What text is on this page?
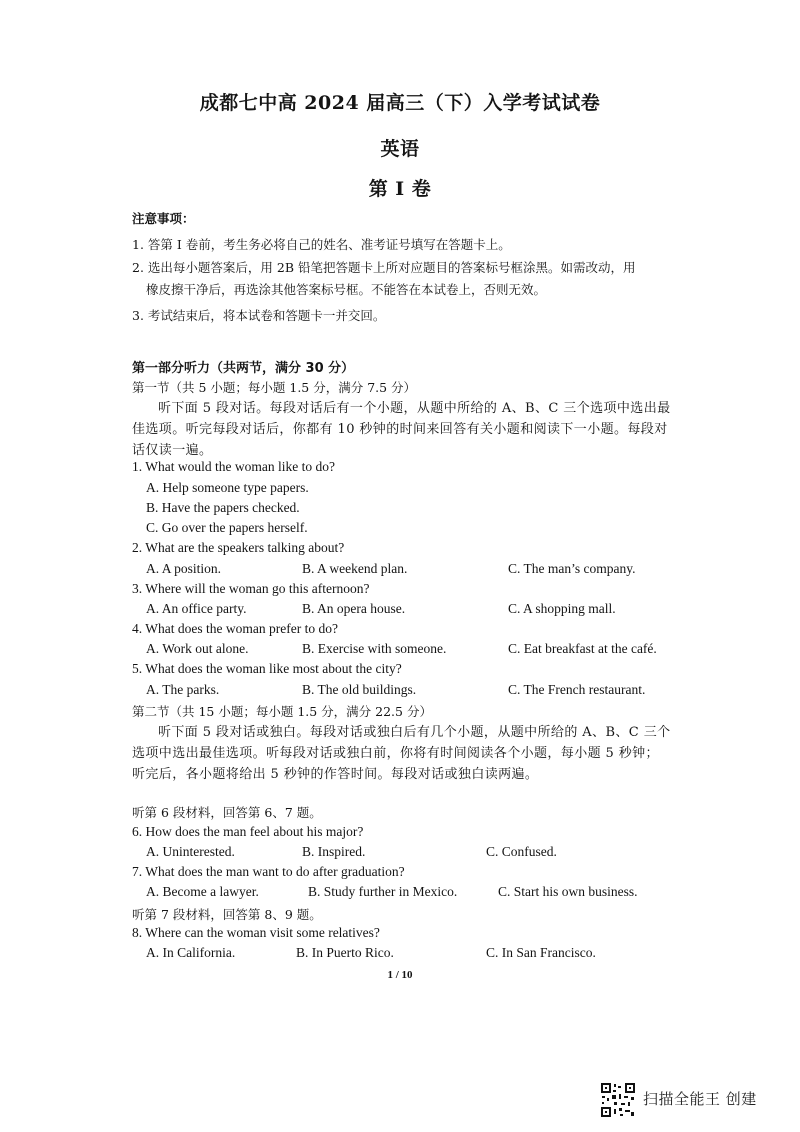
成都七中高 2024 届高三（下）入学考试试卷
英语
第 I 卷
注意事项：
1. 答第 I 卷前，考生务必将自己的姓名、准考证号填写在答题卡上。
2. 选出每小题答案后，用 2B 铅笔把答题卡上所对应题目的答案标号框涂黑。如需改动，用
橡皮擦干净后，再选涂其他答案标号框。不能答在本试卷上，否则无效。
3. 考试结束后，将本试卷和答题卡一并交回。
第一部分听力（共两节，满分 30 分）
第一节（共 5 小题；每小题 1.5 分，满分 7.5 分）
听下面 5 段对话。每段对话后有一个小题，从题中所给的 A、B、C 三个选项中选出最佳选项。听完每段对话后，你都有 10 秒钟的时间来回答有关小题和阅读下一小题。每段对话仅读一遍。
1. What would the woman like to do?
A. Help someone type papers.
B. Have the papers checked.
C. Go over the papers herself.
2. What are the speakers talking about?
A. A position.	B. A weekend plan.	C. The man’s company.
3. Where will the woman go this afternoon?
A. An office party.	B. An opera house.	C. A shopping mall.
4. What does the woman prefer to do?
A. Work out alone.	B. Exercise with someone.	C. Eat breakfast at the café.
5. What does the woman like most about the city?
A. The parks.	B. The old buildings.	C. The French restaurant.
第二节（共 15 小题；每小题 1.5 分，满分 22.5 分）
听下面 5 段对话或独白。每段对话或独白后有几个小题，从题中所给的 A、B、C 三个选项中选出最佳选项。听每段对话或独白前，你将有时间阅读各个小题，每小题 5 秒钟；听完后，各小题将给出 5 秒钟的作答时间。每段对话或独白读两遍。
听第 6 段材料，回答第 6、7 题。
6. How does the man feel about his major?
A. Uninterested.	B. Inspired.	C. Confused.
7. What does the man want to do after graduation?
A. Become a lawyer.	B. Study further in Mexico.	C. Start his own business.
听第 7 段材料，回答第 8、9 题。
8. Where can the woman visit some relatives?
A. In California.	B. In Puerto Rico.	C. In San Francisco.
1 / 10
扫描全能王 创建
